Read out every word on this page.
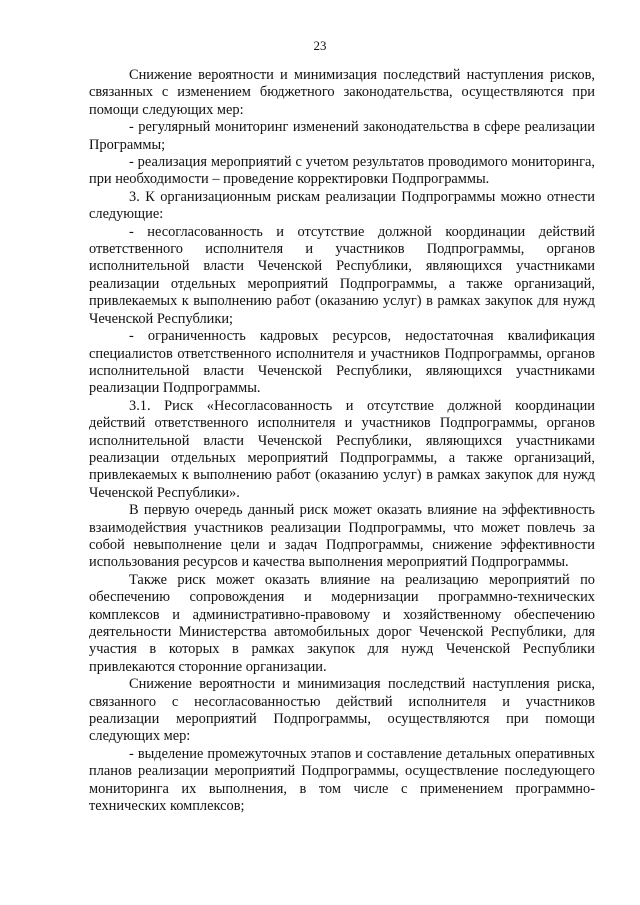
23

Снижение вероятности и минимизация последствий наступления рисков, связанных с изменением бюджетного законодательства, осуществляются при помощи следующих мер:

- регулярный мониторинг изменений законодательства в сфере реализации Программы;

- реализация мероприятий с учетом результатов проводимого мониторинга, при необходимости – проведение корректировки Подпрограммы.

3. К организационным рискам реализации Подпрограммы можно отнести следующие:

- несогласованность и отсутствие должной координации действий ответственного исполнителя и участников Подпрограммы, органов исполнительной власти Чеченской Республики, являющихся участниками реализации отдельных мероприятий Подпрограммы, а также организаций, привлекаемых к выполнению работ (оказанию услуг) в рамках закупок для нужд Чеченской Республики;

- ограниченность кадровых ресурсов, недостаточная квалификация специалистов ответственного исполнителя и участников Подпрограммы, органов исполнительной власти Чеченской Республики, являющихся участниками реализации Подпрограммы.

3.1. Риск «Несогласованность и отсутствие должной координации действий ответственного исполнителя и участников Подпрограммы, органов исполнительной власти Чеченской Республики, являющихся участниками реализации отдельных мероприятий Подпрограммы, а также организаций, привлекаемых к выполнению работ (оказанию услуг) в рамках закупок для нужд Чеченской Республики».

В первую очередь данный риск может оказать влияние на эффективность взаимодействия участников реализации Подпрограммы, что может повлечь за собой невыполнение цели и задач Подпрограммы, снижение эффективности использования ресурсов и качества выполнения мероприятий Подпрограммы.

Также риск может оказать влияние на реализацию мероприятий по обеспечению сопровождения и модернизации программно-технических комплексов и административно-правовому и хозяйственному обеспечению деятельности Министерства автомобильных дорог Чеченской Республики, для участия в которых в рамках закупок для нужд Чеченской Республики привлекаются сторонние организации.

Снижение вероятности и минимизация последствий наступления риска, связанного с несогласованностью действий исполнителя и участников реализации мероприятий Подпрограммы, осуществляются при помощи следующих мер:

- выделение промежуточных этапов и составление детальных оперативных планов реализации мероприятий Подпрограммы, осуществление последующего мониторинга их выполнения, в том числе с применением программно-технических комплексов;
